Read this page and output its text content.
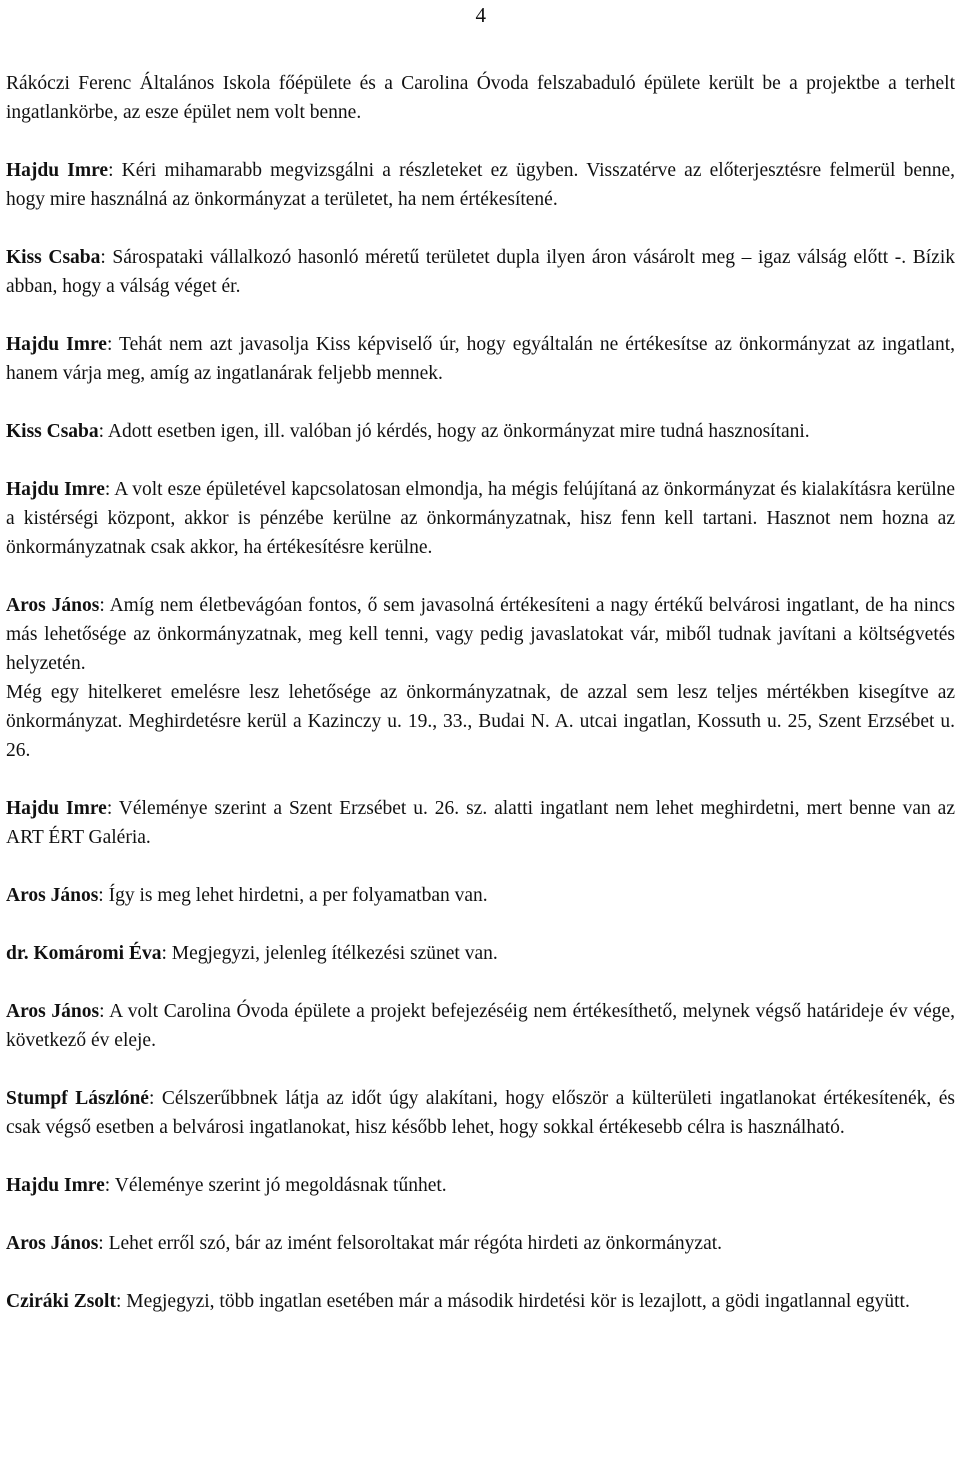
4

Rákóczi Ferenc Általános Iskola főépülete és a Carolina Óvoda felszabaduló épülete került be a projektbe a terhelt ingatlankörbe, az esze épület nem volt benne.

Hajdu Imre: Kéri mihamarabb megvizsgálni a részleteket ez ügyben. Visszatérve az előterjesztésre felmerül benne, hogy mire használná az önkormányzat a területet, ha nem értékesítené.

Kiss Csaba: Sárospataki vállalkozó hasonló méretű területet dupla ilyen áron vásárolt meg – igaz válság előtt -. Bízik abban, hogy a válság véget ér.

Hajdu Imre: Tehát nem azt javasolja Kiss képviselő úr, hogy egyáltalán ne értékesítse az önkormányzat az ingatlant, hanem várja meg, amíg az ingatlanárak feljebb mennek.

Kiss Csaba: Adott esetben igen, ill. valóban jó kérdés, hogy az önkormányzat mire tudná hasznosítani.

Hajdu Imre: A volt esze épületével kapcsolatosan elmondja, ha mégis felújítaná az önkormányzat és kialakításra kerülne a kistérségi központ, akkor is pénzébe kerülne az önkormányzatnak, hisz fenn kell tartani. Hasznot nem hozna az önkormányzatnak csak akkor, ha értékesítésre kerülne.

Aros János: Amíg nem életbevágóan fontos, ő sem javasolná értékesíteni a nagy értékű belvárosi ingatlant, de ha nincs más lehetősége az önkormányzatnak, meg kell tenni, vagy pedig javaslatokat vár, miből tudnak javítani a költségvetés helyzetén.

Még egy hitelkeret emelésre lesz lehetősége az önkormányzatnak, de azzal sem lesz teljes mértékben kisegítve az önkormányzat. Meghirdetésre kerül a Kazinczy u. 19., 33., Budai N. A. utcai ingatlan, Kossuth u. 25, Szent Erzsébet u. 26.

Hajdu Imre: Véleménye szerint a Szent Erzsébet u. 26. sz. alatti ingatlant nem lehet meghirdetni, mert benne van az ART ÉRT Galéria.

Aros János: Így is meg lehet hirdetni, a per folyamatban van.

dr. Komáromi Éva: Megjegyzi, jelenleg ítélkezési szünet van.

Aros János: A volt Carolina Óvoda épülete a projekt befejezéséig nem értékesíthető, melynek végső határideje év vége, következő év eleje.

Stumpf Lászlóné: Célszerűbbnek látja az időt úgy alakítani, hogy először a külterületi ingatlanokat értékesítenék, és csak végső esetben a belvárosi ingatlanokat, hisz később lehet, hogy sokkal értékesebb célra is használható.

Hajdu Imre: Véleménye szerint jó megoldásnak tűnhet.

Aros János: Lehet erről szó, bár az imént felsoroltakat már régóta hirdeti az önkormányzat.

Cziráki Zsolt: Megjegyzi, több ingatlan esetében már a második hirdetési kör is lezajlott, a gödi ingatlannal együtt.
